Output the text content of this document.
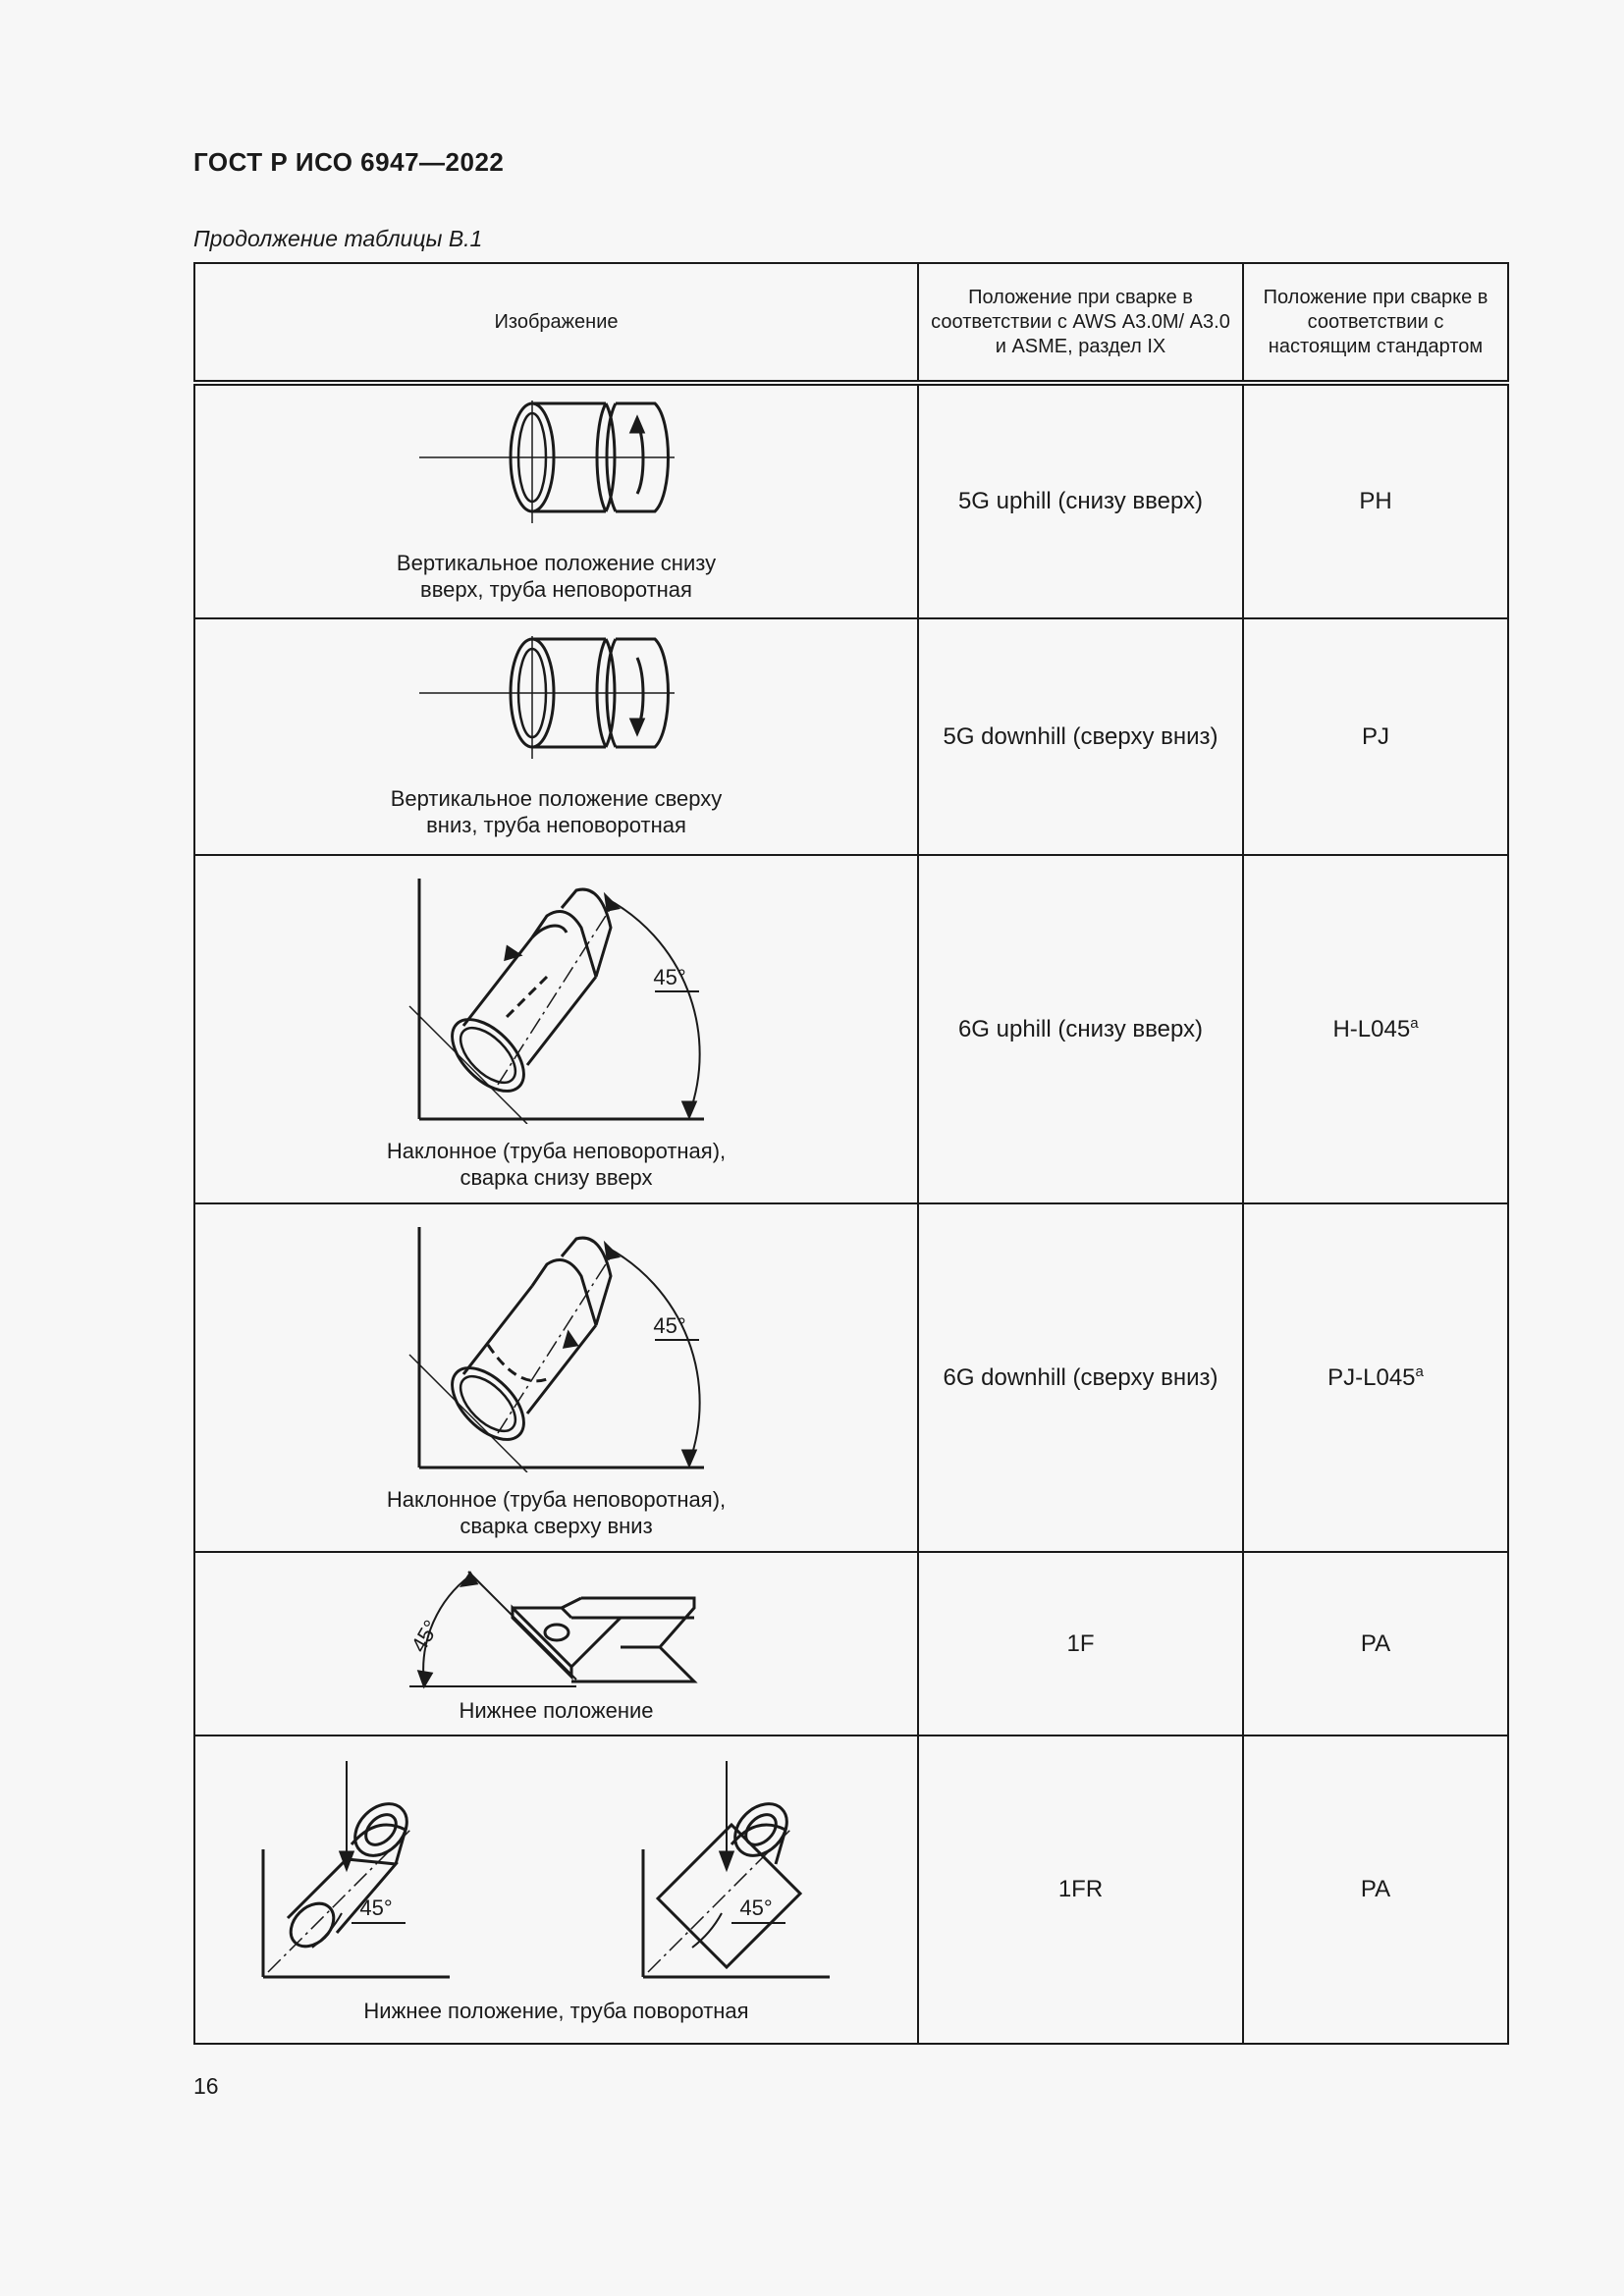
ГОСТ Р ИСО 6947—2022
Продолжение таблицы В.1
Изображение	Положение при сварке в соответствии с AWS А3.0M/ А3.0 и ASME, раздел IX	Положение при сварке в соответствии с настоящим стандартом

Вертикальное положение снизу
вверх, труба неповоротная	5G uphill (снизу вверх)	PH

Вертикальное положение сверху
вниз, труба неповоротная	5G downhill (сверху вниз)	PJ

45°
Наклонное (труба неповоротная),
сварка снизу вверх	6G uphill (снизу вверх)	H-L045$^a$

45°
Наклонное (труба неповоротная),
сварка сверху вниз	6G downhill (сверху вниз)	PJ-L045$^a$

45°
Нижнее положение	1F	PA

45° 45°
Нижнее положение, труба поворотная	1FR	PA
16
